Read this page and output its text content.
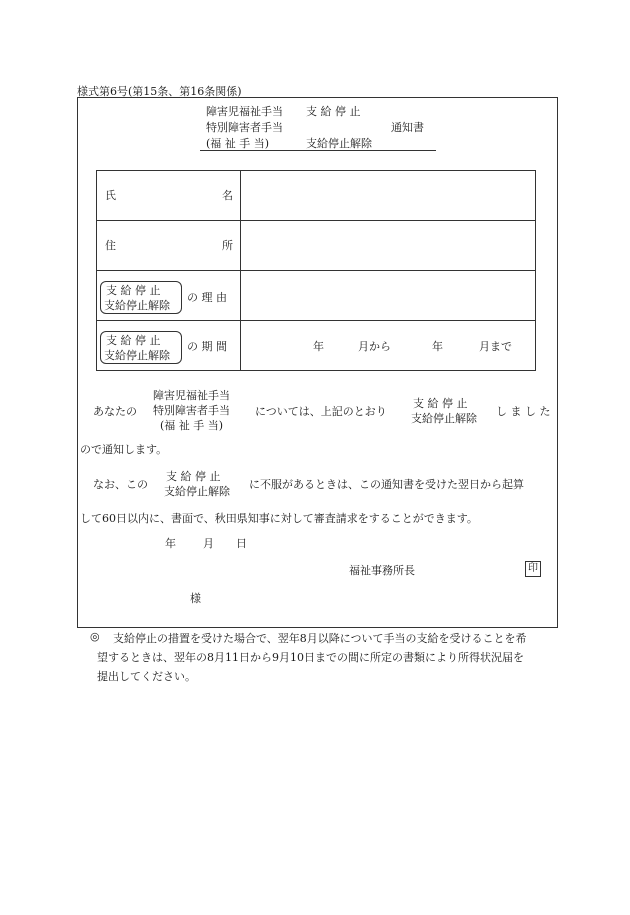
様式第6号(第15条、第16条関係)
障害児福祉手当
特別障害者手当
(福 祉 手 当)
支 給 停 止
支給停止解除
通知書
氏	名
住	所
支 給 停 止
支給停止解除
の 理 由
支 給 停 止
支給停止解除
の 期 間	年	月から	年	月まで
あなたの
障害児福祉手当
特別障害者手当
(福 祉 手 当)
については、上記のとおり
支 給 停 止
支給停止解除
し ま し た
ので通知します。
なお、この
支 給 停 止
支給停止解除
に不服があるときは、この通知書を受けた翌日から起算
して60日以内に、書面で、秋田県知事に対して審査請求をすることができます。
年 月 日
福祉事務所長	印
様
◎ 支給停止の措置を受けた場合で、翌年8月以降について手当の支給を受けることを希
望するときは、翌年の8月11日から9月10日までの間に所定の書類により所得状況届を
提出してください。
